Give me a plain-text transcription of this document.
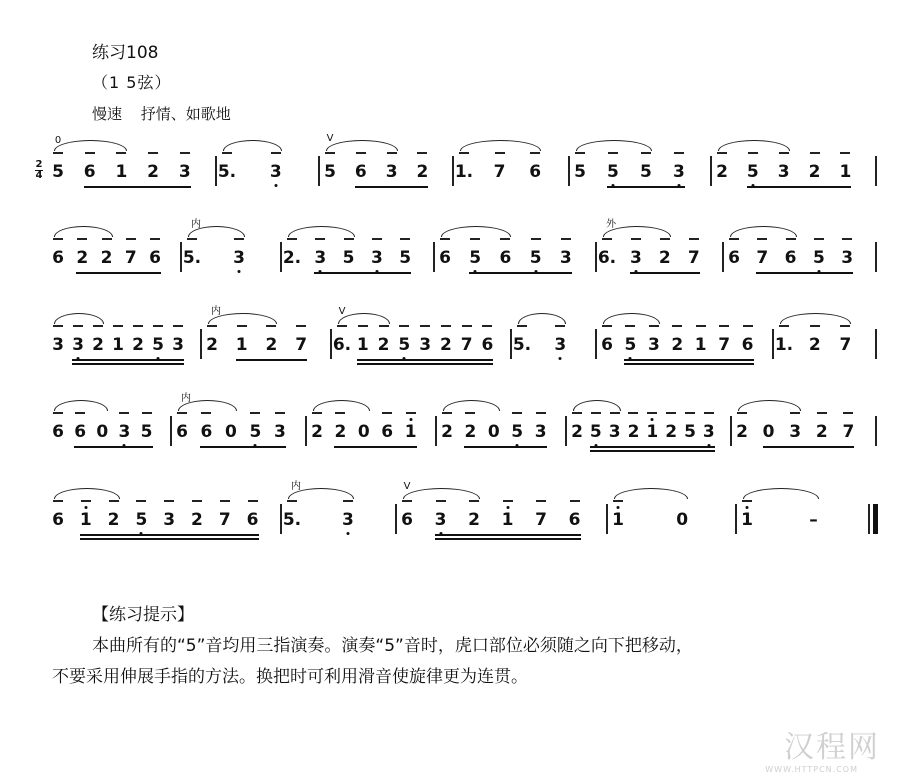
练习108
（1 5弦）
慢速 抒情、如歌地
2
4 5 6 1 2 3
0
5. 3 5 6 3 2
V
1. 7 6 5 5 5 3 2 5 3 2 1
6 2 2 7 6 5. 3
内
2. 3 5 3 5 6 5 6 5 3 6. 3 2 7
外
6 7 6 5 3
3 3 2 1 2 5 3 2 1 2 7
内
6. 1 2 5 3 2 7 6
V
5. 3 6 5 3 2 1 7 6 1. 2 7
6 6 0 3 5 6 6 0 5 3
内
2 2 0 6 1 2 2 0 5 3 2 5 3 2 1 2 5 3 2 0 3 2 7
6 1 2 5 3 2 7 6 5. 3
内
6 3 2 1 7 6
V
1	0	1	–
【练习提示】
本曲所有的“5”音均用三指演奏。演奏“5”音时，虎口部位必须随之向下把移动，
不要采用伸展手指的方法。换把时可利用滑音使旋律更为连贯。
汉程网
WWW.HTTPCN.COM
